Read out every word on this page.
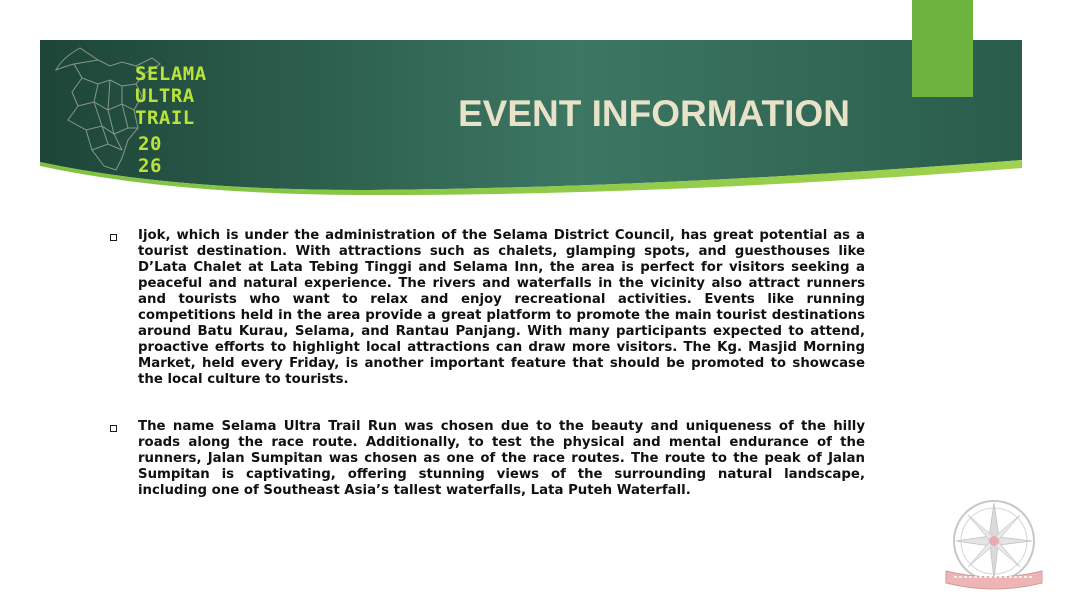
SELAMA
ULTRA
TRAIL
20
26
EVENT INFORMATION

Ijok, which is under the administration of the Selama District Council, has great potential as a tourist destination. With attractions such as chalets, glamping spots, and guesthouses like D’Lata Chalet at Lata Tebing Tinggi and Selama Inn, the area is perfect for visitors seeking a peaceful and natural experience. The rivers and waterfalls in the vicinity also attract runners and tourists who want to relax and enjoy recreational activities. Events like running competitions held in the area provide a great platform to promote the main tourist destinations around Batu Kurau, Selama, and Rantau Panjang. With many participants expected to attend, proactive efforts to highlight local attractions can draw more visitors. The Kg. Masjid Morning Market, held every Friday, is another important feature that should be promoted to showcase the local culture to tourists.

The name Selama Ultra Trail Run was chosen due to the beauty and uniqueness of the hilly roads along the race route. Additionally, to test the physical and mental endurance of the runners, Jalan Sumpitan was chosen as one of the race routes. The route to the peak of Jalan Sumpitan is captivating, offering stunning views of the surrounding natural landscape, including one of Southeast Asia’s tallest waterfalls, Lata Puteh Waterfall.
